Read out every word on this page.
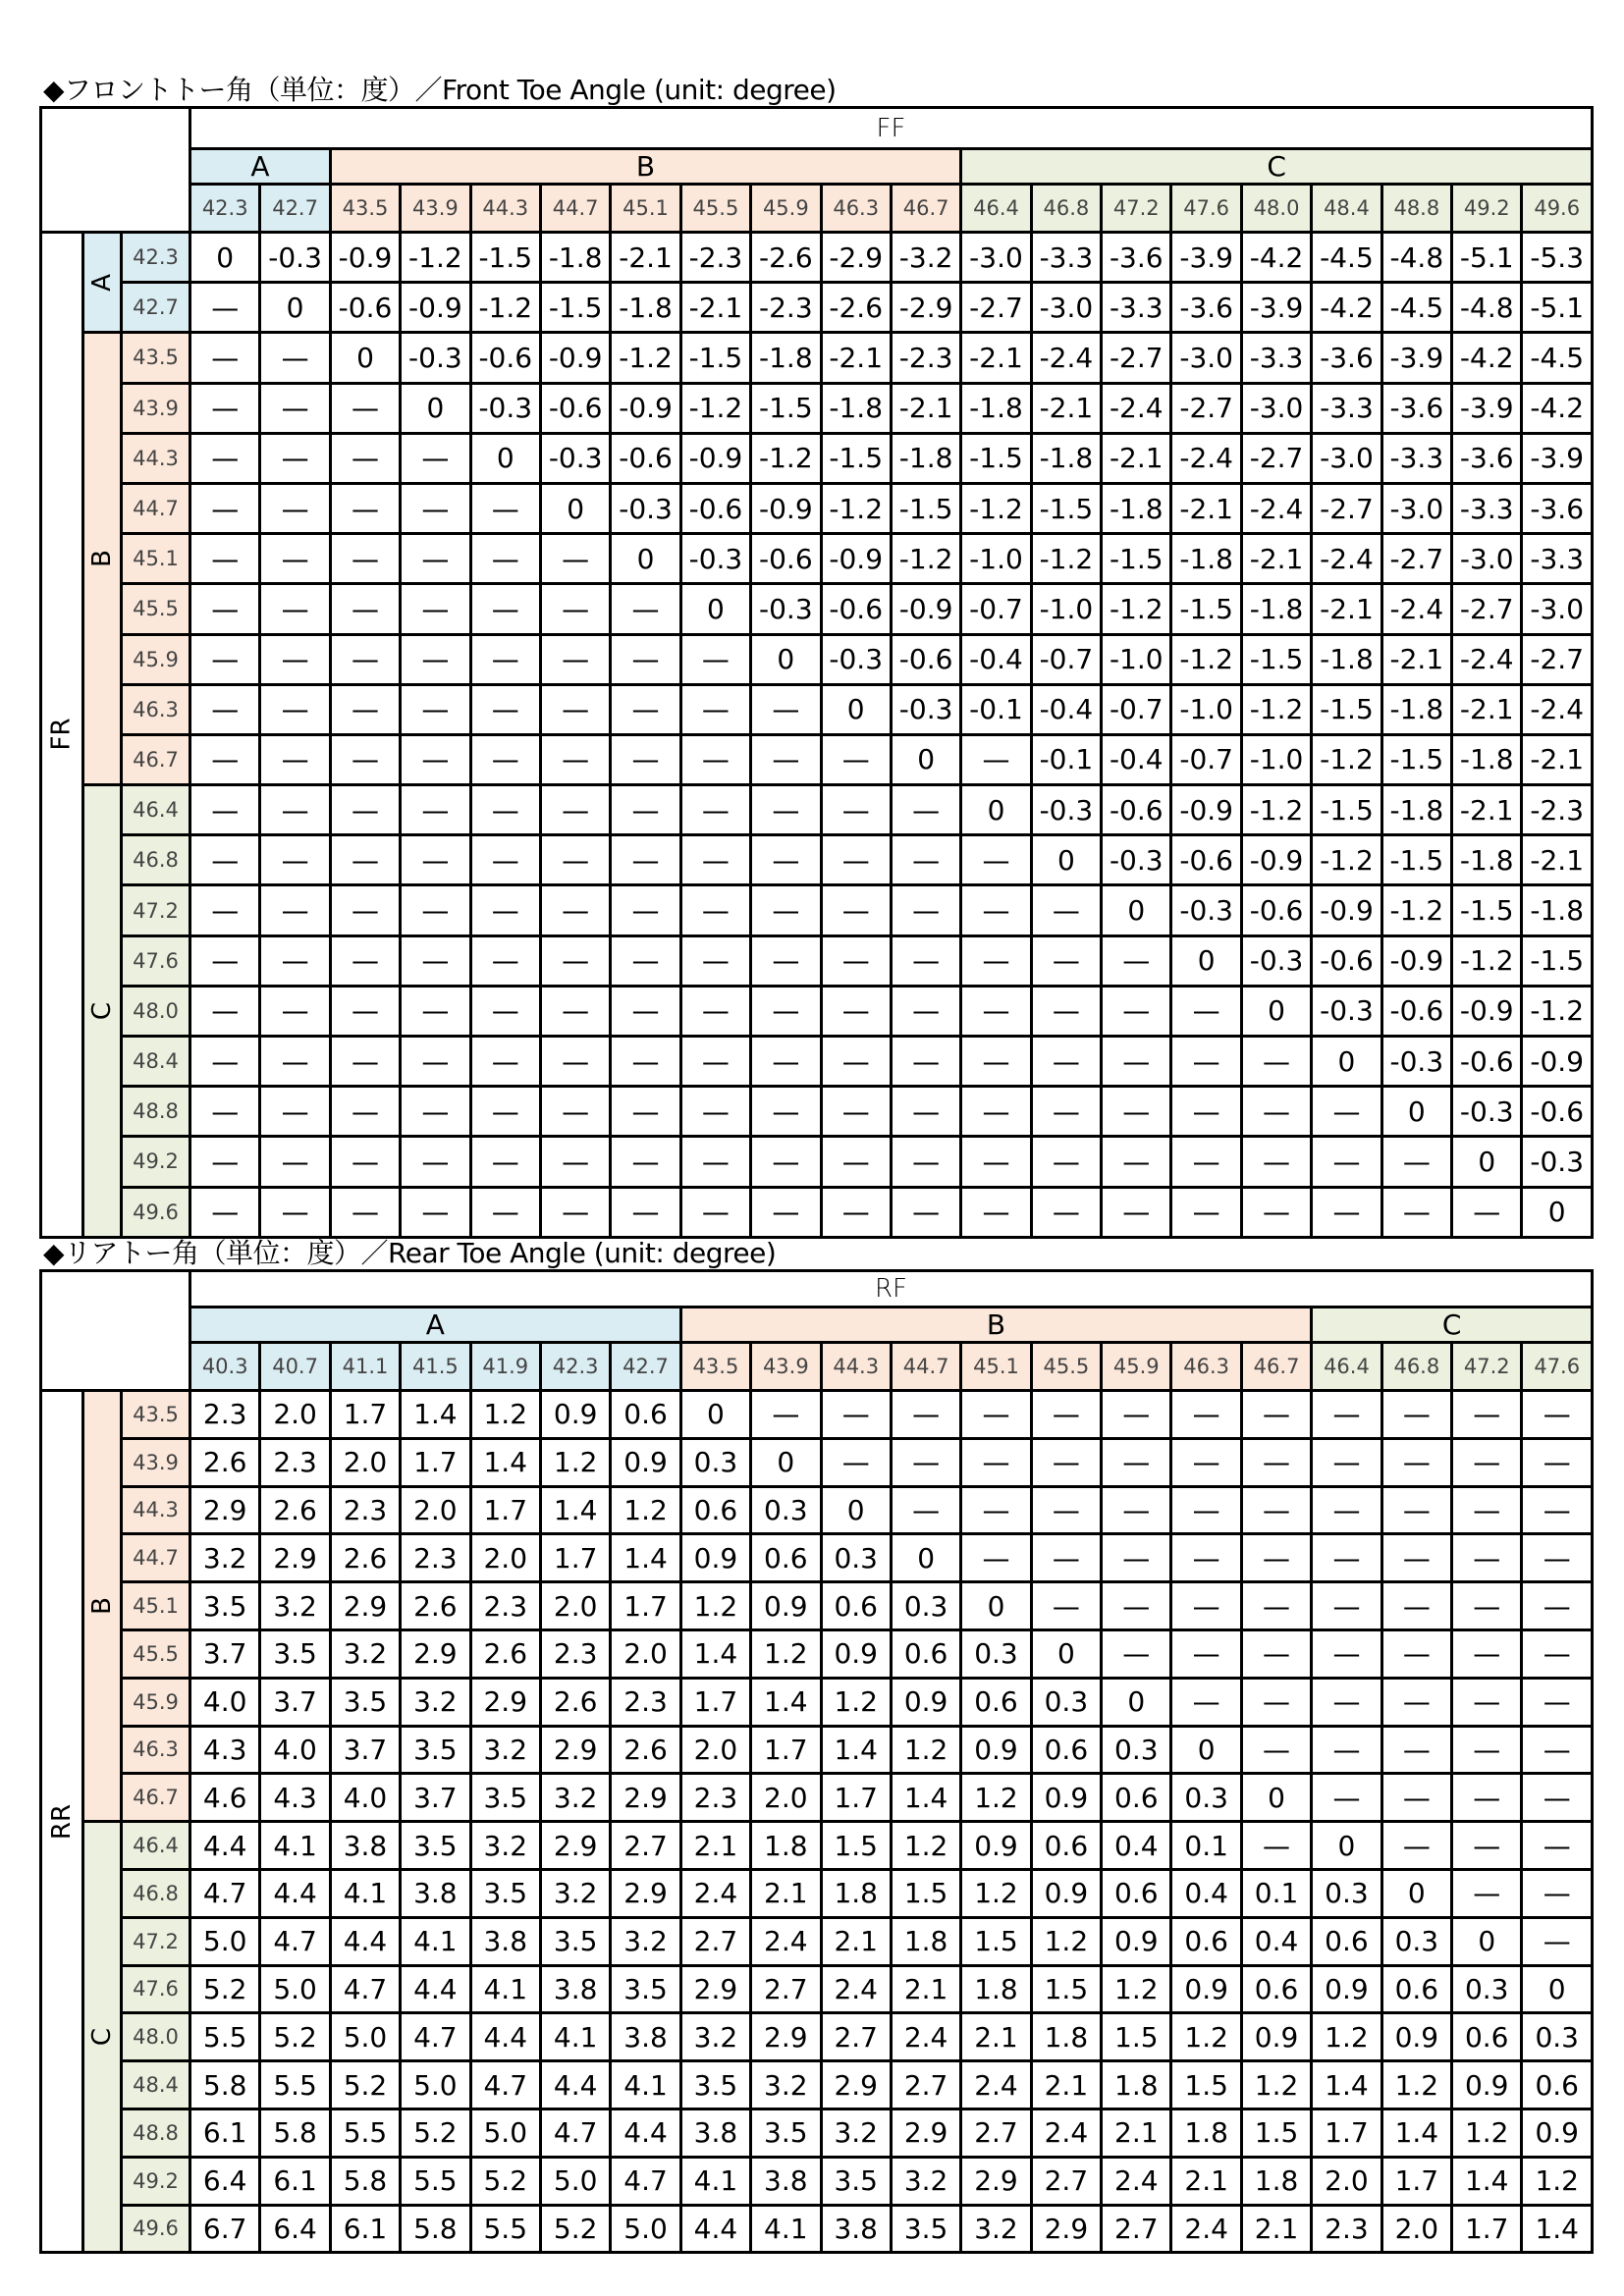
◆フロントトー角（単位：度）／Front Toe Angle (unit: degree)
			FF																			
			A		B									C								
			42.3	42.7	43.5	43.9	44.3	44.7	45.1	45.5	45.9	46.3	46.7	46.4	46.8	47.2	47.6	48.0	48.4	48.8	49.2	49.6
FR	A	42.3	0	-0.3	-0.9	-1.2	-1.5	-1.8	-2.1	-2.3	-2.6	-2.9	-3.2	-3.0	-3.3	-3.6	-3.9	-4.2	-4.5	-4.8	-5.1	-5.3
		42.7	—	0	-0.6	-0.9	-1.2	-1.5	-1.8	-2.1	-2.3	-2.6	-2.9	-2.7	-3.0	-3.3	-3.6	-3.9	-4.2	-4.5	-4.8	-5.1
	B	43.5	—	—	0	-0.3	-0.6	-0.9	-1.2	-1.5	-1.8	-2.1	-2.3	-2.1	-2.4	-2.7	-3.0	-3.3	-3.6	-3.9	-4.2	-4.5
		43.9	—	—	—	0	-0.3	-0.6	-0.9	-1.2	-1.5	-1.8	-2.1	-1.8	-2.1	-2.4	-2.7	-3.0	-3.3	-3.6	-3.9	-4.2
		44.3	—	—	—	—	0	-0.3	-0.6	-0.9	-1.2	-1.5	-1.8	-1.5	-1.8	-2.1	-2.4	-2.7	-3.0	-3.3	-3.6	-3.9
		44.7	—	—	—	—	—	0	-0.3	-0.6	-0.9	-1.2	-1.5	-1.2	-1.5	-1.8	-2.1	-2.4	-2.7	-3.0	-3.3	-3.6
		45.1	—	—	—	—	—	—	0	-0.3	-0.6	-0.9	-1.2	-1.0	-1.2	-1.5	-1.8	-2.1	-2.4	-2.7	-3.0	-3.3
		45.5	—	—	—	—	—	—	—	0	-0.3	-0.6	-0.9	-0.7	-1.0	-1.2	-1.5	-1.8	-2.1	-2.4	-2.7	-3.0
		45.9	—	—	—	—	—	—	—	—	0	-0.3	-0.6	-0.4	-0.7	-1.0	-1.2	-1.5	-1.8	-2.1	-2.4	-2.7
		46.3	—	—	—	—	—	—	—	—	—	0	-0.3	-0.1	-0.4	-0.7	-1.0	-1.2	-1.5	-1.8	-2.1	-2.4
		46.7	—	—	—	—	—	—	—	—	—	—	0	—	-0.1	-0.4	-0.7	-1.0	-1.2	-1.5	-1.8	-2.1
	C	46.4	—	—	—	—	—	—	—	—	—	—	—	0	-0.3	-0.6	-0.9	-1.2	-1.5	-1.8	-2.1	-2.3
		46.8	—	—	—	—	—	—	—	—	—	—	—	—	0	-0.3	-0.6	-0.9	-1.2	-1.5	-1.8	-2.1
		47.2	—	—	—	—	—	—	—	—	—	—	—	—	—	0	-0.3	-0.6	-0.9	-1.2	-1.5	-1.8
		47.6	—	—	—	—	—	—	—	—	—	—	—	—	—	—	0	-0.3	-0.6	-0.9	-1.2	-1.5
		48.0	—	—	—	—	—	—	—	—	—	—	—	—	—	—	—	0	-0.3	-0.6	-0.9	-1.2
		48.4	—	—	—	—	—	—	—	—	—	—	—	—	—	—	—	—	0	-0.3	-0.6	-0.9
		48.8	—	—	—	—	—	—	—	—	—	—	—	—	—	—	—	—	—	0	-0.3	-0.6
		49.2	—	—	—	—	—	—	—	—	—	—	—	—	—	—	—	—	—	—	0	-0.3
		49.6	—	—	—	—	—	—	—	—	—	—	—	—	—	—	—	—	—	—	—	0
◆リアトー角（単位：度）／Rear Toe Angle (unit: degree)
			RF																			
			A							B									C			
			40.3	40.7	41.1	41.5	41.9	42.3	42.7	43.5	43.9	44.3	44.7	45.1	45.5	45.9	46.3	46.7	46.4	46.8	47.2	47.6
RR	B	43.5	2.3	2.0	1.7	1.4	1.2	0.9	0.6	0	—	—	—	—	—	—	—	—	—	—	—	—
		43.9	2.6	2.3	2.0	1.7	1.4	1.2	0.9	0.3	0	—	—	—	—	—	—	—	—	—	—	—
		44.3	2.9	2.6	2.3	2.0	1.7	1.4	1.2	0.6	0.3	0	—	—	—	—	—	—	—	—	—	—
		44.7	3.2	2.9	2.6	2.3	2.0	1.7	1.4	0.9	0.6	0.3	0	—	—	—	—	—	—	—	—	—
		45.1	3.5	3.2	2.9	2.6	2.3	2.0	1.7	1.2	0.9	0.6	0.3	0	—	—	—	—	—	—	—	—
		45.5	3.7	3.5	3.2	2.9	2.6	2.3	2.0	1.4	1.2	0.9	0.6	0.3	0	—	—	—	—	—	—	—
		45.9	4.0	3.7	3.5	3.2	2.9	2.6	2.3	1.7	1.4	1.2	0.9	0.6	0.3	0	—	—	—	—	—	—
		46.3	4.3	4.0	3.7	3.5	3.2	2.9	2.6	2.0	1.7	1.4	1.2	0.9	0.6	0.3	0	—	—	—	—	—
		46.7	4.6	4.3	4.0	3.7	3.5	3.2	2.9	2.3	2.0	1.7	1.4	1.2	0.9	0.6	0.3	0	—	—	—	—
	C	46.4	4.4	4.1	3.8	3.5	3.2	2.9	2.7	2.1	1.8	1.5	1.2	0.9	0.6	0.4	0.1	—	0	—	—	—
		46.8	4.7	4.4	4.1	3.8	3.5	3.2	2.9	2.4	2.1	1.8	1.5	1.2	0.9	0.6	0.4	0.1	0.3	0	—	—
		47.2	5.0	4.7	4.4	4.1	3.8	3.5	3.2	2.7	2.4	2.1	1.8	1.5	1.2	0.9	0.6	0.4	0.6	0.3	0	—
		47.6	5.2	5.0	4.7	4.4	4.1	3.8	3.5	2.9	2.7	2.4	2.1	1.8	1.5	1.2	0.9	0.6	0.9	0.6	0.3	0
		48.0	5.5	5.2	5.0	4.7	4.4	4.1	3.8	3.2	2.9	2.7	2.4	2.1	1.8	1.5	1.2	0.9	1.2	0.9	0.6	0.3
		48.4	5.8	5.5	5.2	5.0	4.7	4.4	4.1	3.5	3.2	2.9	2.7	2.4	2.1	1.8	1.5	1.2	1.4	1.2	0.9	0.6
		48.8	6.1	5.8	5.5	5.2	5.0	4.7	4.4	3.8	3.5	3.2	2.9	2.7	2.4	2.1	1.8	1.5	1.7	1.4	1.2	0.9
		49.2	6.4	6.1	5.8	5.5	5.2	5.0	4.7	4.1	3.8	3.5	3.2	2.9	2.7	2.4	2.1	1.8	2.0	1.7	1.4	1.2
		49.6	6.7	6.4	6.1	5.8	5.5	5.2	5.0	4.4	4.1	3.8	3.5	3.2	2.9	2.7	2.4	2.1	2.3	2.0	1.7	1.4
